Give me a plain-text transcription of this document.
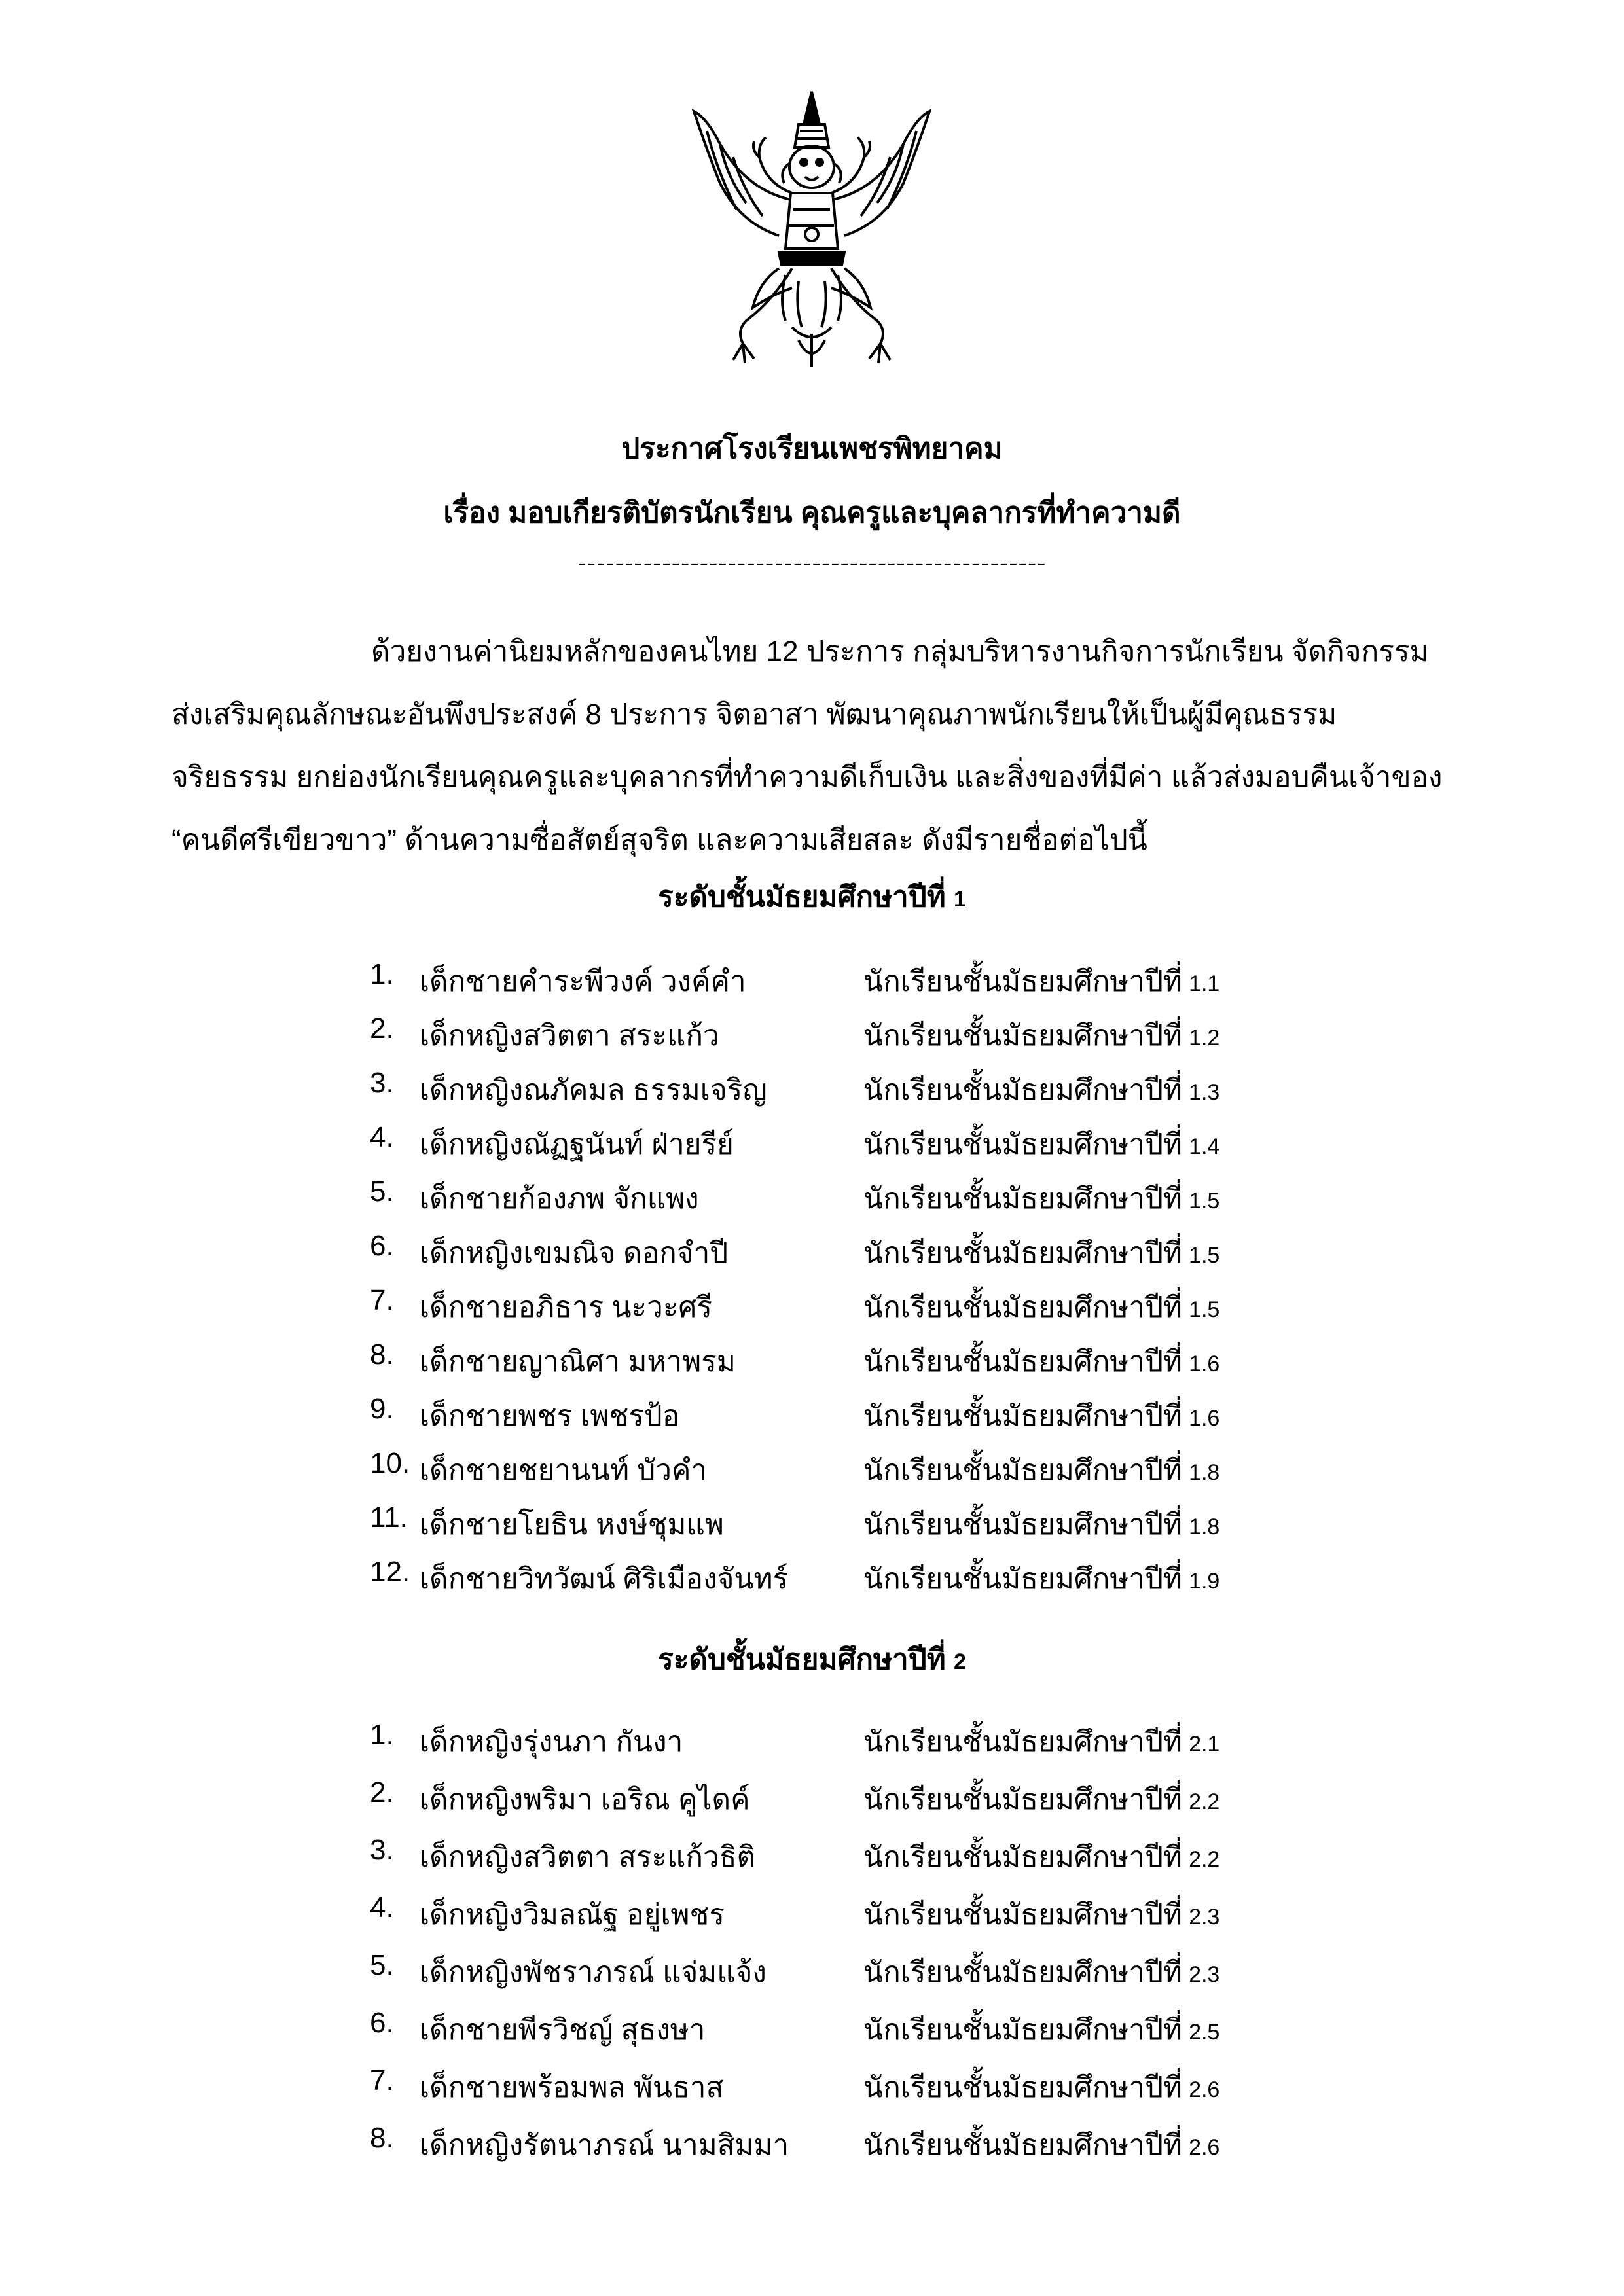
ประกาศโรงเรียนเพชรพิทยาคม
เรื่อง มอบเกียรติบัตรนักเรียน คุณครูและบุคลากรที่ทำความดี
--------------------------------------------------
ด้วยงานค่านิยมหลักของคนไทย 12 ประการ กลุ่มบริหารงานกิจการนักเรียน จัดกิจกรรม
ส่งเสริมคุณลักษณะอันพึงประสงค์ 8 ประการ จิตอาสา พัฒนาคุณภาพนักเรียนให้เป็นผู้มีคุณธรรม
จริยธรรม ยกย่องนักเรียนคุณครูและบุคลากรที่ทำความดีเก็บเงิน และสิ่งของที่มีค่า แล้วส่งมอบคืนเจ้าของ
“คนดีศรีเขียวขาว” ด้านความซื่อสัตย์สุจริต และความเสียสละ ดังมีรายชื่อต่อไปนี้
ระดับชั้นมัธยมศึกษาปีที่ 1
1. เด็กชายคำระพีวงค์ วงค์คำ	นักเรียนชั้นมัธยมศึกษาปีที่ 1.1
2. เด็กหญิงสวิตตา สระแก้ว	นักเรียนชั้นมัธยมศึกษาปีที่ 1.2
3. เด็กหญิงณภัคมล ธรรมเจริญ	นักเรียนชั้นมัธยมศึกษาปีที่ 1.3
4. เด็กหญิงณัฏฐนันท์ ฝ่ายรีย์	นักเรียนชั้นมัธยมศึกษาปีที่ 1.4
5. เด็กชายก้องภพ จักแพง	นักเรียนชั้นมัธยมศึกษาปีที่ 1.5
6. เด็กหญิงเขมณิจ ดอกจำปี	นักเรียนชั้นมัธยมศึกษาปีที่ 1.5
7. เด็กชายอภิธาร นะวะศรี	นักเรียนชั้นมัธยมศึกษาปีที่ 1.5
8. เด็กชายญาณิศา มหาพรม	นักเรียนชั้นมัธยมศึกษาปีที่ 1.6
9. เด็กชายพชร เพชรป้อ	นักเรียนชั้นมัธยมศึกษาปีที่ 1.6
10. เด็กชายชยานนท์ บัวคำ	นักเรียนชั้นมัธยมศึกษาปีที่ 1.8
11. เด็กชายโยธิน หงษ์ชุมแพ	นักเรียนชั้นมัธยมศึกษาปีที่ 1.8
12. เด็กชายวิทวัฒน์ ศิริเมืองจันทร์	นักเรียนชั้นมัธยมศึกษาปีที่ 1.9
ระดับชั้นมัธยมศึกษาปีที่ 2
1. เด็กหญิงรุ่งนภา กันงา	นักเรียนชั้นมัธยมศึกษาปีที่ 2.1
2. เด็กหญิงพริมา เอริณ คูไดค์	นักเรียนชั้นมัธยมศึกษาปีที่ 2.2
3. เด็กหญิงสวิตตา สระแก้วธิติ	นักเรียนชั้นมัธยมศึกษาปีที่ 2.2
4. เด็กหญิงวิมลณัฐ อยู่เพชร	นักเรียนชั้นมัธยมศึกษาปีที่ 2.3
5. เด็กหญิงพัชราภรณ์ แจ่มแจ้ง	นักเรียนชั้นมัธยมศึกษาปีที่ 2.3
6. เด็กชายพีรวิชญ์ สุธงษา	นักเรียนชั้นมัธยมศึกษาปีที่ 2.5
7. เด็กชายพร้อมพล พันธาส	นักเรียนชั้นมัธยมศึกษาปีที่ 2.6
8. เด็กหญิงรัตนาภรณ์ นามสิมมา	นักเรียนชั้นมัธยมศึกษาปีที่ 2.6
